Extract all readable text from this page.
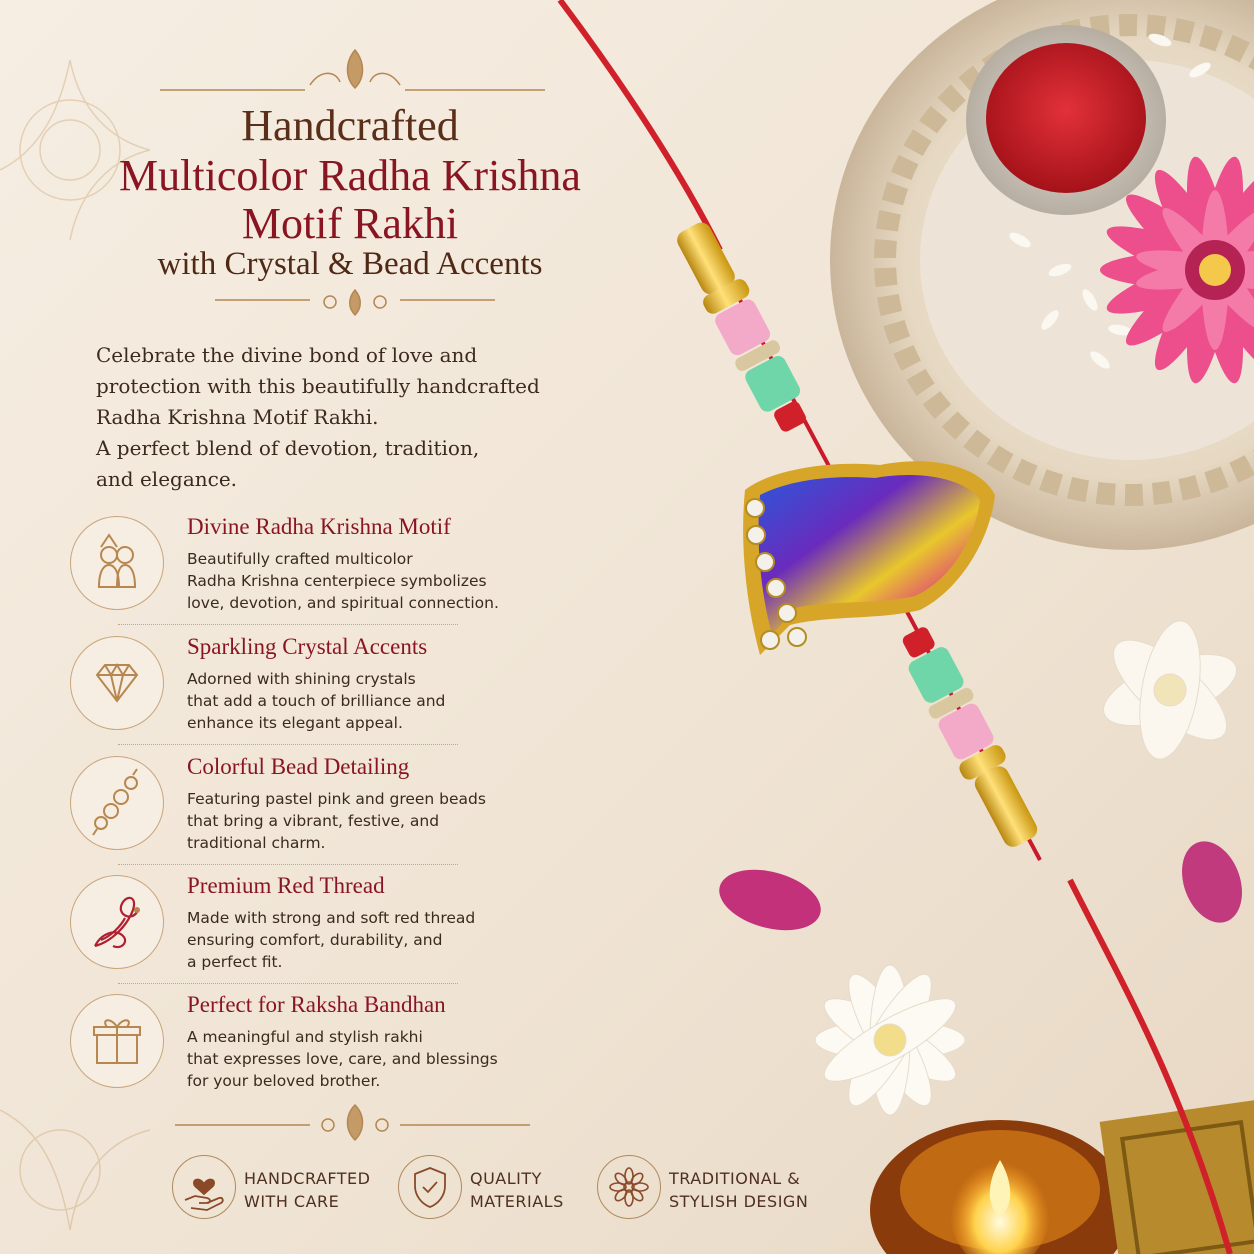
Handcrafted
Multicolor Radha Krishna
Motif Rakhi
with Crystal & Bead Accents

Celebrate the divine bond of love and

protection with this beautifully handcrafted

Radha Krishna Motif Rakhi.

A perfect blend of devotion, tradition,

and elegance.

Divine Radha Krishna Motif
Beautifully crafted multicolor
Radha Krishna centerpiece symbolizes
love, devotion, and spiritual connection.
Sparkling Crystal Accents
Adorned with shining crystals
that add a touch of brilliance and
enhance its elegant appeal.
Colorful Bead Detailing
Featuring pastel pink and green beads
that bring a vibrant, festive, and
traditional charm.
Premium Red Thread
Made with strong and soft red thread
ensuring comfort, durability, and
a perfect fit.
Perfect for Raksha Bandhan
A meaningful and stylish rakhi
that expresses love, care, and blessings
for your beloved brother.
HANDCRAFTED
WITH CARE
QUALITY
MATERIALS
TRADITIONAL &
STYLISH DESIGN
